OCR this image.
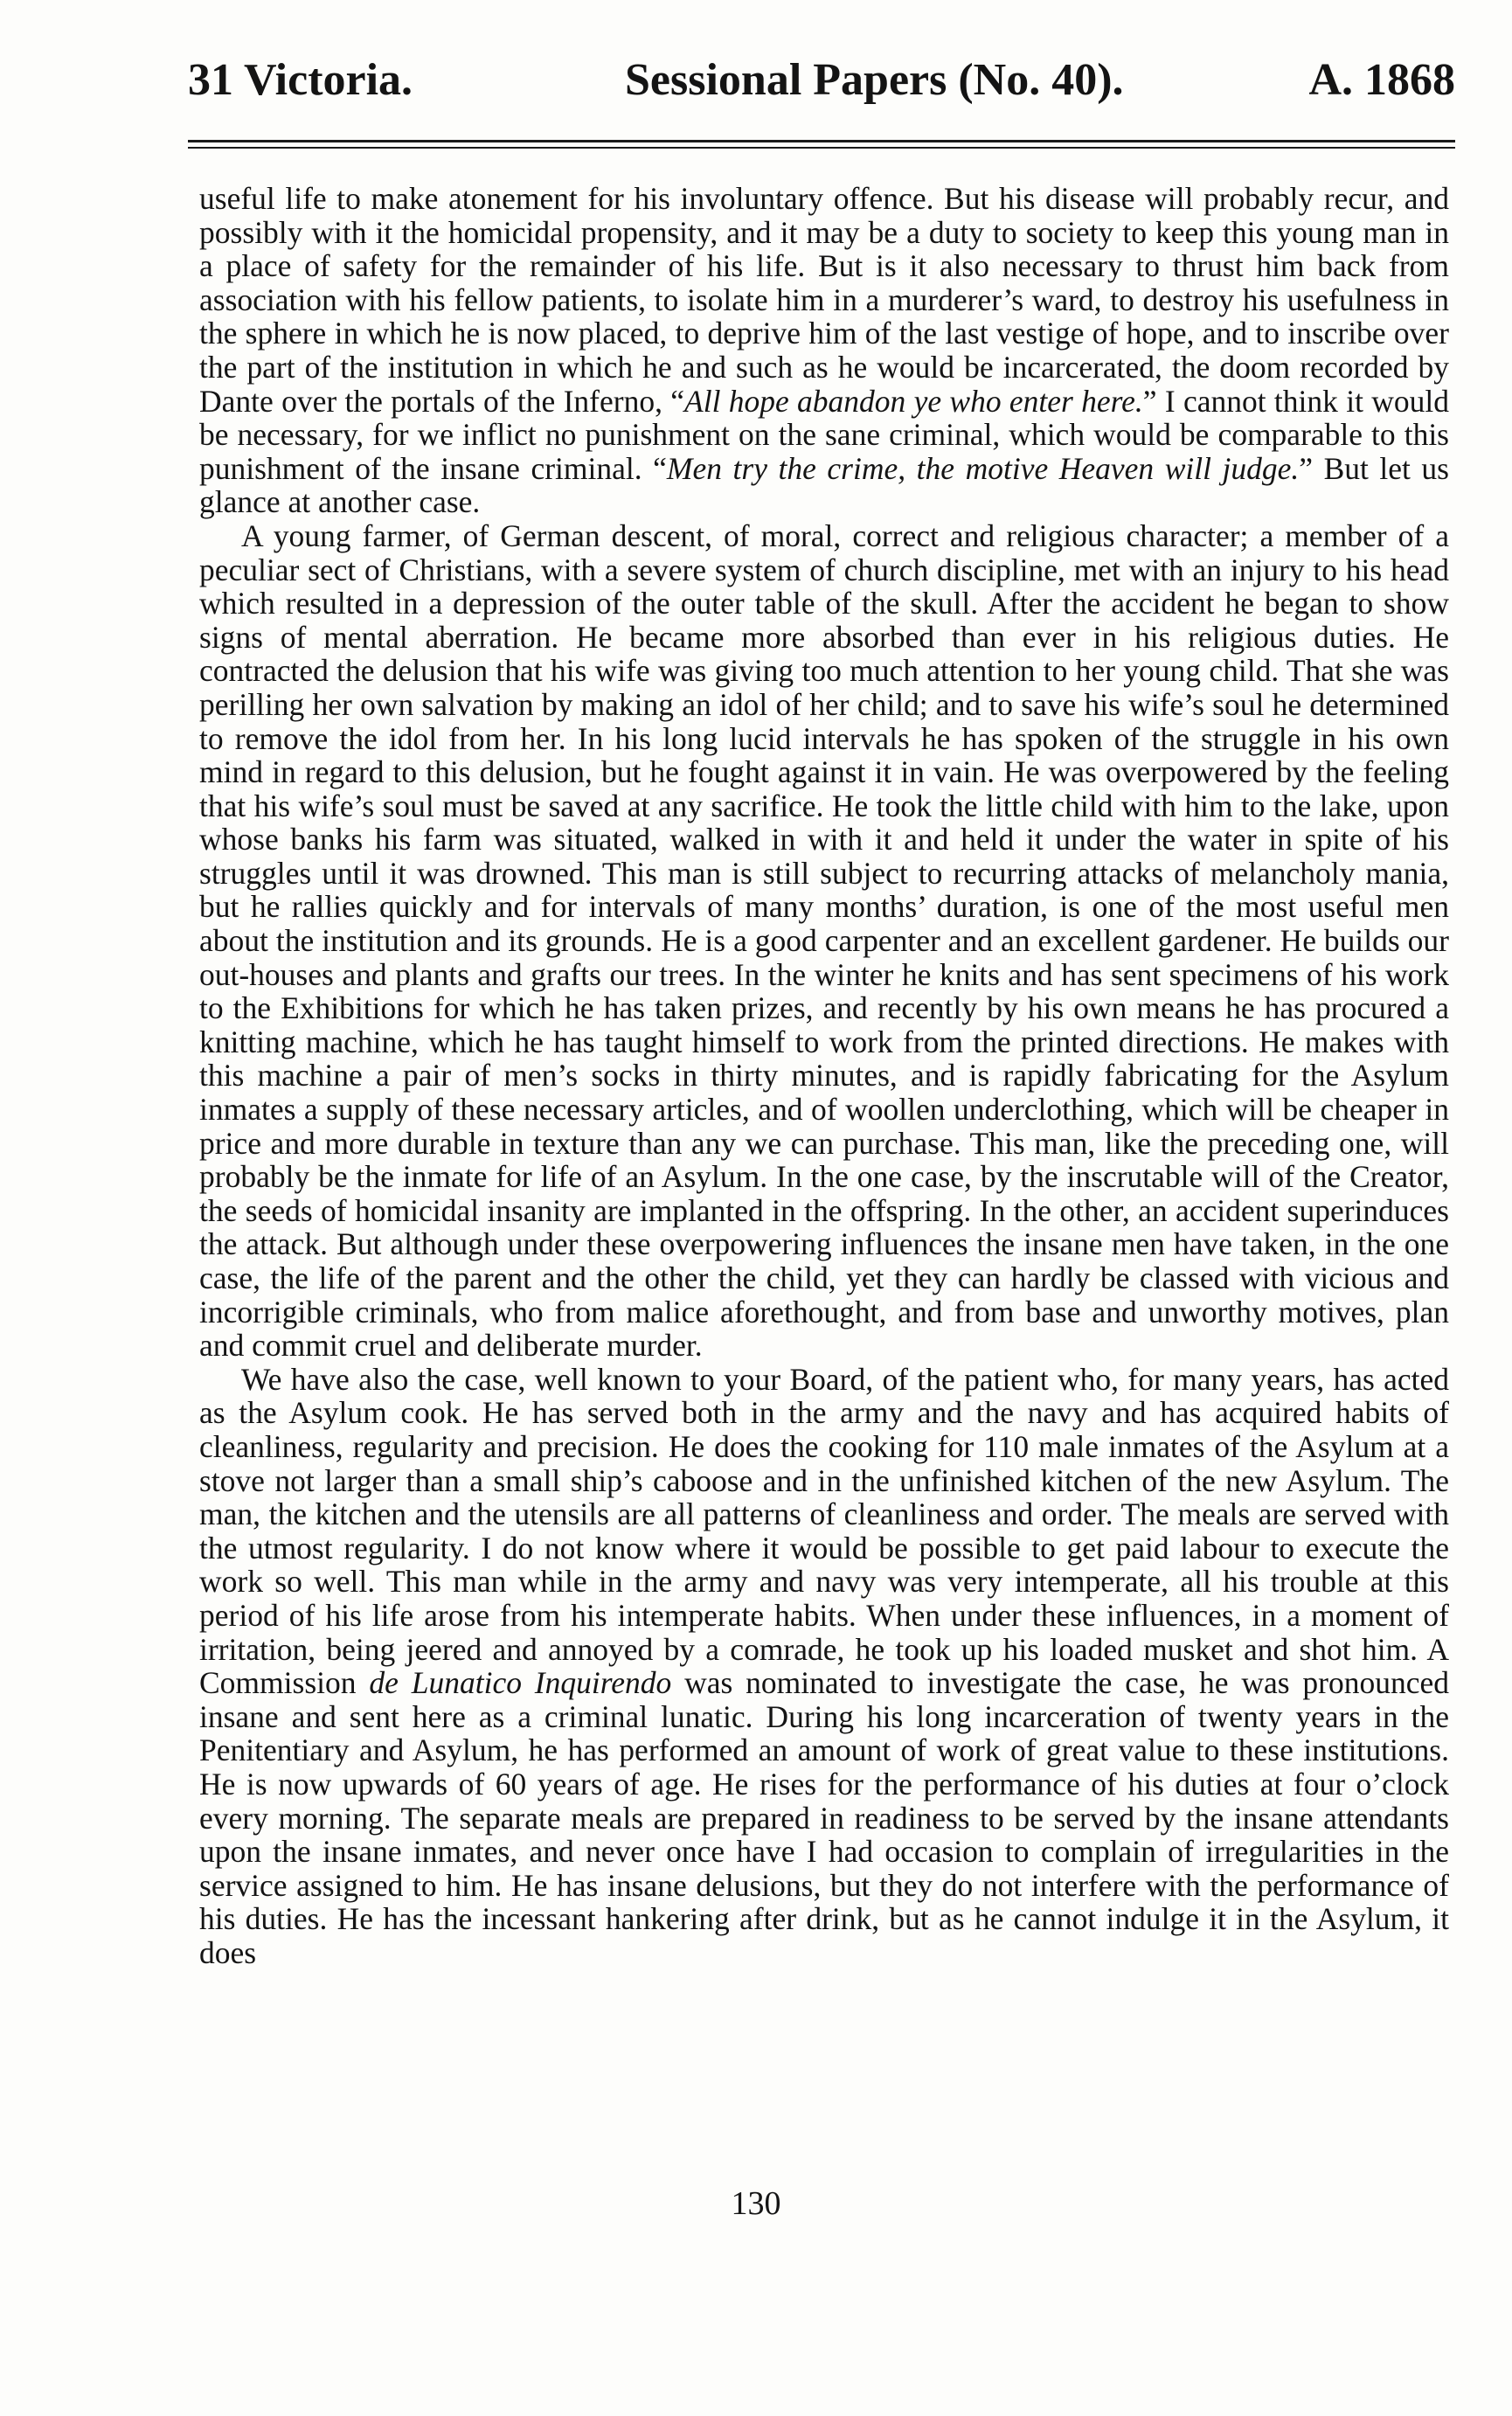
31 Victoria.	Sessional Papers (No. 40).	A. 1868

useful life to make atonement for his involuntary offence. But his disease will probably recur, and possibly with it the homicidal propensity, and it may be a duty to society to keep this young man in a place of safety for the remainder of his life. But is it also necessary to thrust him back from association with his fellow patients, to isolate him in a murderer’s ward, to destroy his usefulness in the sphere in which he is now placed, to deprive him of the last vestige of hope, and to inscribe over the part of the institution in which he and such as he would be incarcerated, the doom recorded by Dante over the portals of the Inferno, “All hope abandon ye who enter here.” I cannot think it would be necessary, for we inflict no punishment on the sane criminal, which would be comparable to this punishment of the insane criminal. “Men try the crime, the motive Heaven will judge.” But let us glance at another case.

A young farmer, of German descent, of moral, correct and religious character; a member of a peculiar sect of Christians, with a severe system of church discipline, met with an injury to his head which resulted in a depression of the outer table of the skull. After the accident he began to show signs of mental aberration. He became more absorbed than ever in his religious duties. He contracted the delusion that his wife was giving too much attention to her young child. That she was perilling her own salvation by making an idol of her child; and to save his wife’s soul he determined to remove the idol from her. In his long lucid intervals he has spoken of the struggle in his own mind in regard to this delusion, but he fought against it in vain. He was overpowered by the feeling that his wife’s soul must be saved at any sacrifice. He took the little child with him to the lake, upon whose banks his farm was situated, walked in with it and held it under the water in spite of his struggles until it was drowned. This man is still subject to recurring attacks of melancholy mania, but he rallies quickly and for intervals of many months’ duration, is one of the most useful men about the institution and its grounds. He is a good carpenter and an excellent gardener. He builds our out-houses and plants and grafts our trees. In the winter he knits and has sent specimens of his work to the Exhibitions for which he has taken prizes, and recently by his own means he has procured a knitting machine, which he has taught himself to work from the printed directions. He makes with this machine a pair of men’s socks in thirty minutes, and is rapidly fabricating for the Asylum inmates a supply of these necessary articles, and of woollen underclothing, which will be cheaper in price and more durable in texture than any we can purchase. This man, like the preceding one, will probably be the inmate for life of an Asylum. In the one case, by the inscrutable will of the Creator, the seeds of homicidal insanity are implanted in the offspring. In the other, an accident superinduces the attack. But although under these overpowering influences the insane men have taken, in the one case, the life of the parent and the other the child, yet they can hardly be classed with vicious and incorrigible criminals, who from malice aforethought, and from base and unworthy motives, plan and commit cruel and deliberate murder.

We have also the case, well known to your Board, of the patient who, for many years, has acted as the Asylum cook. He has served both in the army and the navy and has acquired habits of cleanliness, regularity and precision. He does the cooking for 110 male inmates of the Asylum at a stove not larger than a small ship’s caboose and in the unfinished kitchen of the new Asylum. The man, the kitchen and the utensils are all patterns of cleanliness and order. The meals are served with the utmost regularity. I do not know where it would be possible to get paid labour to execute the work so well. This man while in the army and navy was very intemperate, all his trouble at this period of his life arose from his intemperate habits. When under these influences, in a moment of irritation, being jeered and annoyed by a comrade, he took up his loaded musket and shot him. A Commission de Lunatico Inquirendo was nominated to investigate the case, he was pronounced insane and sent here as a criminal lunatic. During his long incarceration of twenty years in the Penitentiary and Asylum, he has performed an amount of work of great value to these institutions. He is now upwards of 60 years of age. He rises for the performance of his duties at four o’clock every morning. The separate meals are prepared in readiness to be served by the insane attendants upon the insane inmates, and never once have I had occasion to complain of irregularities in the service assigned to him. He has insane delusions, but they do not interfere with the performance of his duties. He has the incessant hankering after drink, but as he cannot indulge it in the Asylum, it does

130
